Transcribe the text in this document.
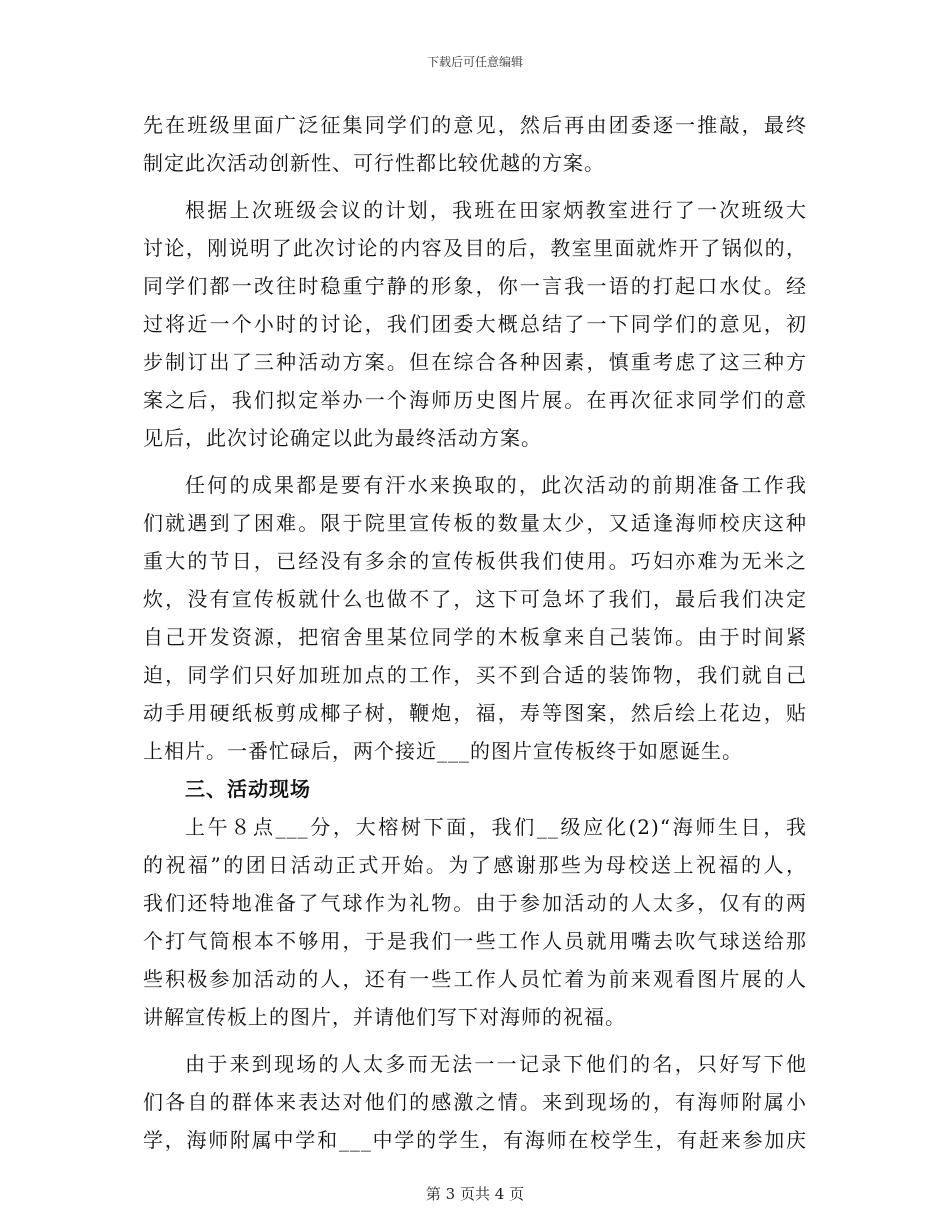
下载后可任意编辑
先在班级里面广泛征集同学们的意见，然后再由团委逐一推敲，最终
制定此次活动创新性、可行性都比较优越的方案。
根据上次班级会议的计划，我班在田家炳教室进行了一次班级大
讨论，刚说明了此次讨论的内容及目的后，教室里面就炸开了锅似的，
同学们都一改往时稳重宁静的形象，你一言我一语的打起口水仗。经
过将近一个小时的讨论，我们团委大概总结了一下同学们的意见，初
步制订出了三种活动方案。但在综合各种因素，慎重考虑了这三种方
案之后，我们拟定举办一个海师历史图片展。在再次征求同学们的意
见后，此次讨论确定以此为最终活动方案。
任何的成果都是要有汗水来换取的，此次活动的前期准备工作我
们就遇到了困难。限于院里宣传板的数量太少，又适逢海师校庆这种
重大的节日，已经没有多余的宣传板供我们使用。巧妇亦难为无米之
炊，没有宣传板就什么也做不了，这下可急坏了我们，最后我们决定
自己开发资源，把宿舍里某位同学的木板拿来自己装饰。由于时间紧
迫，同学们只好加班加点的工作，买不到合适的装饰物，我们就自己
动手用硬纸板剪成椰子树，鞭炮，福，寿等图案，然后绘上花边，贴
上相片。一番忙碌后，两个接近___的图片宣传板终于如愿诞生。
三、活动现场
上午８点___分，大榕树下面，我们__级应化(2)“海师生日，我
的祝福”的团日活动正式开始。为了感谢那些为母校送上祝福的人，
我们还特地准备了气球作为礼物。由于参加活动的人太多，仅有的两
个打气筒根本不够用，于是我们一些工作人员就用嘴去吹气球送给那
些积极参加活动的人，还有一些工作人员忙着为前来观看图片展的人
讲解宣传板上的图片，并请他们写下对海师的祝福。
由于来到现场的人太多而无法一一记录下他们的名，只好写下他
们各自的群体来表达对他们的感激之情。来到现场的，有海师附属小
学，海师附属中学和___中学的学生，有海师在校学生，有赶来参加庆
第 3 页共 4 页
